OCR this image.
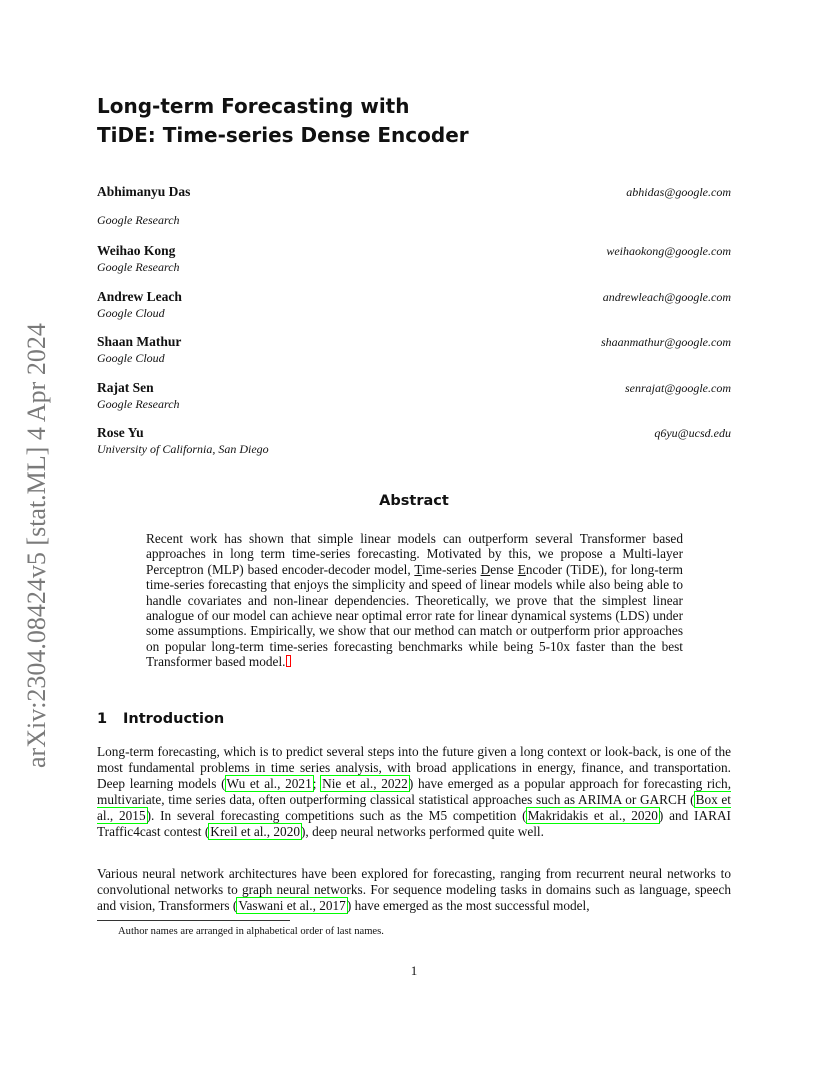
arXiv:2304.08424v5 [stat.ML] 4 Apr 2024
Long-term Forecasting with
TiDE: Time-series Dense Encoder
Abhimanyu Das	abhidas@google.com
Google Research
Weihao Kong	weihaokong@google.com
Google Research
Andrew Leach	andrewleach@google.com
Google Cloud
Shaan Mathur	shaanmathur@google.com
Google Cloud
Rajat Sen	senrajat@google.com
Google Research
Rose Yu	q6yu@ucsd.edu
University of California, San Diego
Abstract
Recent work has shown that simple linear models can outperform several Transformer based approaches in long term time-series forecasting. Motivated by this, we propose a Multi-layer Perceptron (MLP) based encoder-decoder model, Time-series Dense Encoder (TiDE), for long-term time-series forecasting that enjoys the simplicity and speed of linear models while also being able to handle covariates and non-linear dependencies. Theoretically, we prove that the simplest linear analogue of our model can achieve near optimal error rate for linear dynamical systems (LDS) under some assumptions. Empirically, we show that our method can match or outperform prior approaches on popular long-term time-series forecasting benchmarks while being 5-10x faster than the best Transformer based model.
1 Introduction
Long-term forecasting, which is to predict several steps into the future given a long context or look-back, is one of the most fundamental problems in time series analysis, with broad applications in energy, finance, and transportation. Deep learning models (Wu et al., 2021; Nie et al., 2022) have emerged as a popular approach for forecasting rich, multivariate, time series data, often outperforming classical statistical approaches such as ARIMA or GARCH (Box et al., 2015). In several forecasting competitions such as the M5 competition (Makridakis et al., 2020) and IARAI Traffic4cast contest (Kreil et al., 2020), deep neural networks performed quite well.
Various neural network architectures have been explored for forecasting, ranging from recurrent neural networks to convolutional networks to graph neural networks. For sequence modeling tasks in domains such as language, speech and vision, Transformers (Vaswani et al., 2017) have emerged as the most successful model,
Author names are arranged in alphabetical order of last names.
1
